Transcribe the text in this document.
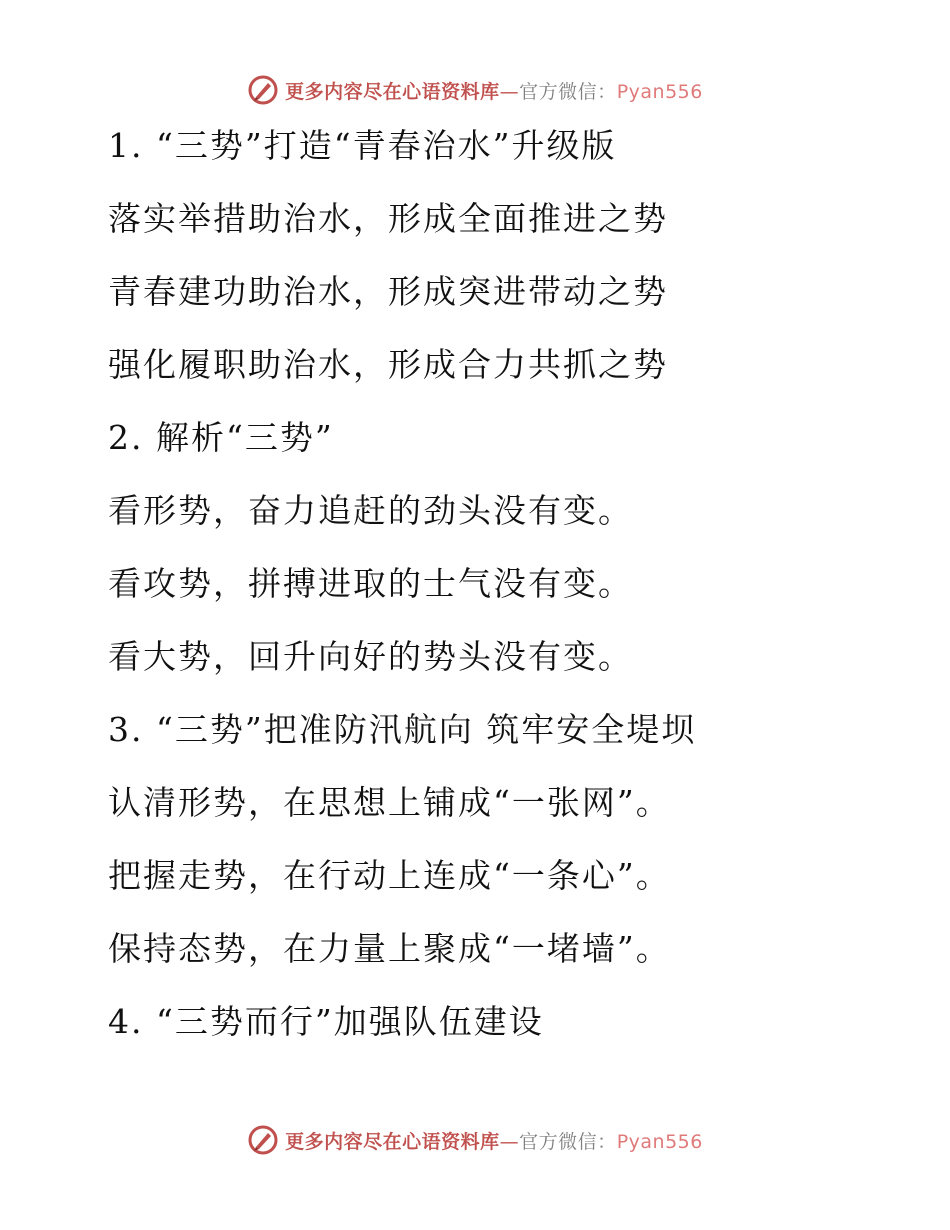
更多内容尽在心语资料库—官方微信：Pyan556
1. “三势”打造“青春治水”升级版
落实举措助治水，形成全面推进之势
青春建功助治水，形成突进带动之势
强化履职助治水，形成合力共抓之势
2. 解析“三势”
看形势，奋力追赶的劲头没有变。
看攻势，拼搏进取的士气没有变。
看大势，回升向好的势头没有变。
3. “三势”把准防汛航向 筑牢安全堤坝
认清形势，在思想上铺成“一张网”。
把握走势，在行动上连成“一条心”。
保持态势，在力量上聚成“一堵墙”。
4. “三势而行”加强队伍建设
更多内容尽在心语资料库—官方微信：Pyan556
